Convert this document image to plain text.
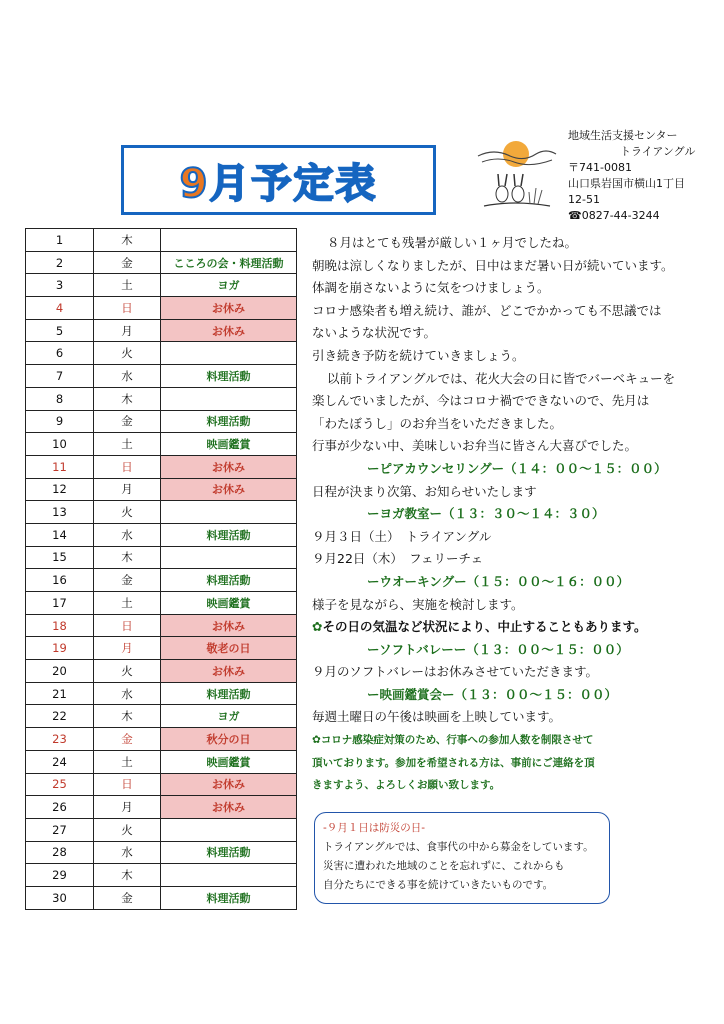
9月予定表
地域生活支援センター
トライアングル
〒741-0081
山口県岩国市横山1丁目
12-51
☎0827-44-3244
1	木	
2	金	こころの会・料理活動
3	土	ヨガ
4	日	お休み
5	月	お休み
6	火	
7	水	料理活動
8	木	
9	金	料理活動
10	土	映画鑑賞
11	日	お休み
12	月	お休み
13	火	
14	水	料理活動
15	木	
16	金	料理活動
17	土	映画鑑賞
18	日	お休み
19	月	敬老の日
20	火	お休み
21	水	料理活動
22	木	ヨガ
23	金	秋分の日
24	土	映画鑑賞
25	日	お休み
26	月	お休み
27	火	
28	水	料理活動
29	木	
30	金	料理活動
８月はとても残暑が厳しい１ヶ月でしたね。
朝晩は涼しくなりましたが、日中はまだ暑い日が続いています。
体調を崩さないように気をつけましょう。
コロナ感染者も増え続け、誰が、どこでかかっても不思議では
ないような状況です。
引き続き予防を続けていきましょう。
以前トライアングルでは、花火大会の日に皆でバーベキューを
楽しんでいましたが、今はコロナ禍でできないので、先月は
「わたぼうし」のお弁当をいただきました。
行事が少ない中、美味しいお弁当に皆さん大喜びでした。
ーピアカウンセリングー（１４：００～１５：００）
日程が決まり次第、お知らせいたします
ーヨガ教室ー（１３：３０～１４：３０）
９月３日（土）　トライアングル
９月22日（木）　フェリーチェ
ーウオーキングー（１５：００～１６：００）
様子を見ながら、実施を検討します。
✿その日の気温など状況により、中止することもあります。
ーソフトバレーー（１３：００～１５：００）
９月のソフトバレーはお休みさせていただきます。
ー映画鑑賞会ー（１３：００～１５：００）
毎週土曜日の午後は映画を上映しています。
✿コロナ感染症対策のため、行事への参加人数を制限させて
頂いております。参加を希望される方は、事前にご連絡を頂
きますよう、よろしくお願い致します。
-９月１日は防災の日-
トライアングルでは、食事代の中から募金をしています。
災害に遭われた地域のことを忘れずに、これからも
自分たちにできる事を続けていきたいものです。
